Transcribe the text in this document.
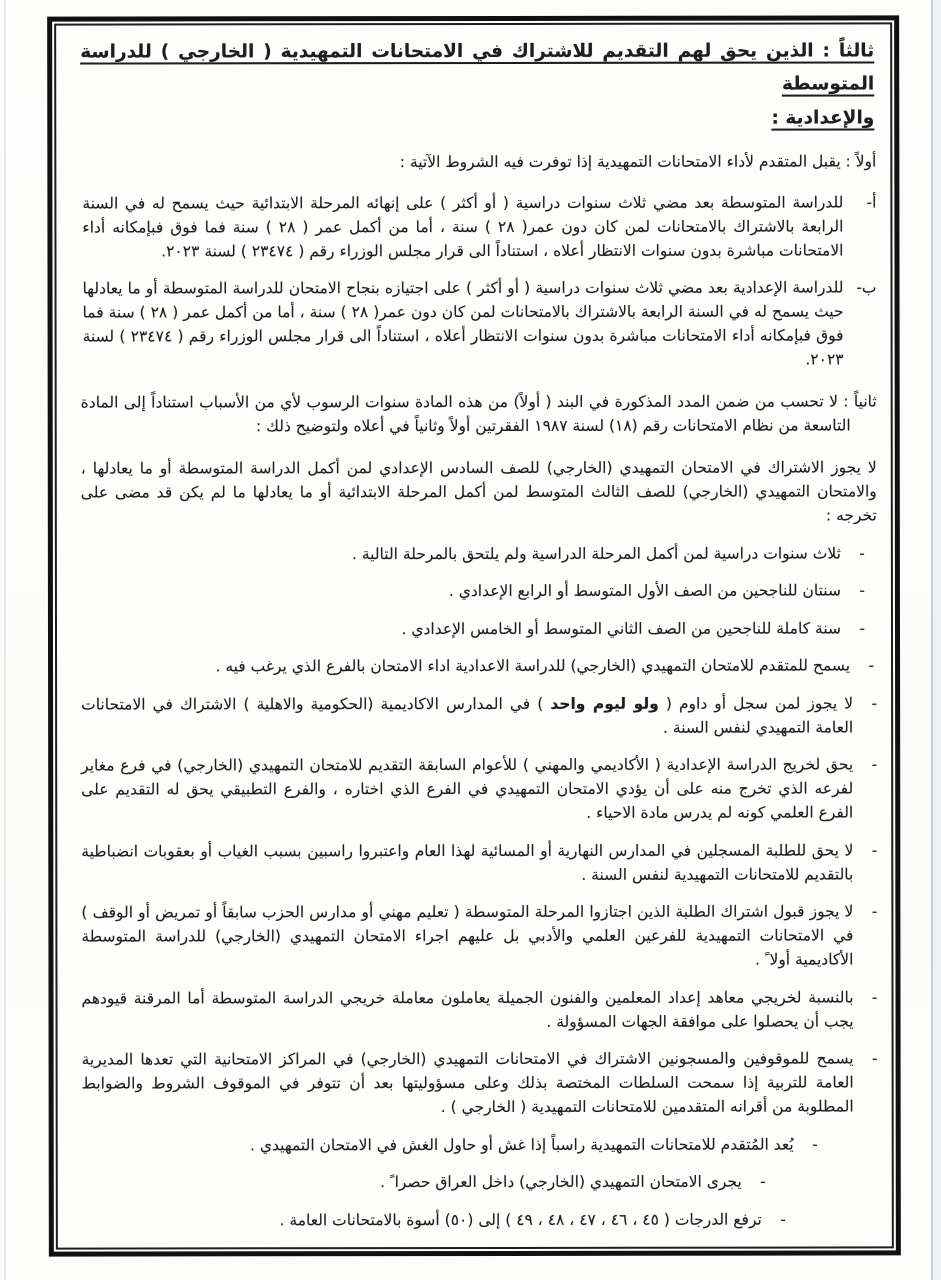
ثالثاً : الذين يحق لهم التقديم للاشتراك في الامتحانات التمهيدية ( الخارجي ) للدراسة المتوسطة
والإعدادية :

أولاً : يقبل المتقدم لأداء الامتحانات التمهيدية إذا توفرت فيه الشروط الآتية :

أ-

للدراسة المتوسطة بعد مضي ثلاث سنوات دراسية ( أو أكثر ) على إنهائه المرحلة الابتدائية حيث يسمح له في السنة الرابعة بالاشتراك بالامتحانات لمن كان دون عمر( ٢٨ ) سنة ، أما من أكمل عمر ( ٢٨ ) سنة فما فوق فبإمكانه أداء الامتحانات مباشرة بدون سنوات الانتظار أعلاه ، استناداً الى قرار مجلس الوزراء رقم ( ٢٣٤٧٤ ) لسنة ٢٠٢٣.

ب-

للدراسة الإعدادية بعد مضي ثلاث سنوات دراسية ( أو أكثر ) على اجتيازه بنجاح الامتحان للدراسة المتوسطة أو ما يعادلها حيث يسمح له في السنة الرابعة بالاشتراك بالامتحانات لمن كان دون عمر( ٢٨ ) سنة ، أما من أكمل عمر ( ٢٨ ) سنة فما فوق فبإمكانه أداء الامتحانات مباشرة بدون سنوات الانتظار أعلاه ، استناداً الى قرار مجلس الوزراء رقم ( ٢٣٤٧٤ ) لسنة ٢٠٢٣.

ثانياً : لا تحسب من ضمن المدد المذكورة في البند ( أولاً) من هذه المادة سنوات الرسوب لأي من الأسباب استناداً إلى المادة التاسعة من نظام الامتحانات رقم (١٨) لسنة ١٩٨٧ الفقرتين أولاً وثانياً في أعلاه ولتوضيح ذلك :

لا يجوز الاشتراك في الامتحان التمهيدي (الخارجي) للصف السادس الإعدادي لمن أكمل الدراسة المتوسطة أو ما يعادلها ، والامتحان التمهيدي (الخارجي) للصف الثالث المتوسط لمن أكمل المرحلة الابتدائية أو ما يعادلها ما لم يكن قد مضى على تخرجه :

-

ثلاث سنوات دراسية لمن أكمل المرحلة الدراسية ولم يلتحق بالمرحلة التالية .

-

سنتان للناجحين من الصف الأول المتوسط أو الرابع الإعدادي .

-

سنة كاملة للناجحين من الصف الثاني المتوسط أو الخامس الإعدادي .

-

يسمح للمتقدم للامتحان التمهيدي (الخارجي) للدراسة الاعدادية اداء الامتحان بالفرع الذي يرغب فيه .

-

لا يجوز لمن سجل أو داوم ( ولو ليوم واحد ) في المدارس الاكاديمية (الحكومية والاهلية ) الاشتراك في الامتحانات العامة التمهيدي لنفس السنة .

-

يحق لخريج الدراسة الإعدادية ( الأكاديمي والمهني ) للأعوام السابقة التقديم للامتحان التمهيدي (الخارجي) في فرع مغاير لفرعه الذي تخرج منه على أن يؤدي الامتحان التمهيدي في الفرع الذي اختاره ، والفرع التطبيقي يحق له التقديم على الفرع العلمي كونه لم يدرس مادة الاحياء .

-

لا يحق للطلبة المسجلين في المدارس النهارية أو المسائية لهذا العام واعتبروا راسبين بسبب الغياب أو بعقوبات انضباطية بالتقديم للامتحانات التمهيدية لنفس السنة .

-

لا يجوز قبول اشتراك الطلبة الذين اجتازوا المرحلة المتوسطة ( تعليم مهني أو مدارس الحزب سابقاً أو تمريض أو الوقف ) في الامتحانات التمهيدية للفرعين العلمي والأدبي بل عليهم اجراء الامتحان التمهيدي (الخارجي) للدراسة المتوسطة الأكاديمية أولا ً .

-

بالنسبة لخريجي معاهد إعداد المعلمين والفنون الجميلة يعاملون معاملة خريجي الدراسة المتوسطة أما المرقنة قيودهم يجب أن يحصلوا على موافقة الجهات المسؤولة .

-

يسمح للموقوفين والمسجونين الاشتراك في الامتحانات التمهيدي (الخارجي) في المراكز الامتحانية التي تعدها المديرية العامة للتربية إذا سمحت السلطات المختصة بذلك وعلى مسؤوليتها بعد أن تتوفر في الموقوف الشروط والضوابط المطلوبة من أقرانه المتقدمين للامتحانات التمهيدية ( الخارجي ) .

-

يُعد المُتقدم للامتحانات التمهيدية راسباً إذا غش أو حاول الغش في الامتحان التمهيدي .

-

يجرى الامتحان التمهيدي (الخارجي) داخل العراق حصرا ً .

-

ترفع الدرجات ( ٤٥ ، ٤٦ ، ٤٧ ، ٤٨ ، ٤٩ ) إلى (٥٠) أسوة بالامتحانات العامة .
